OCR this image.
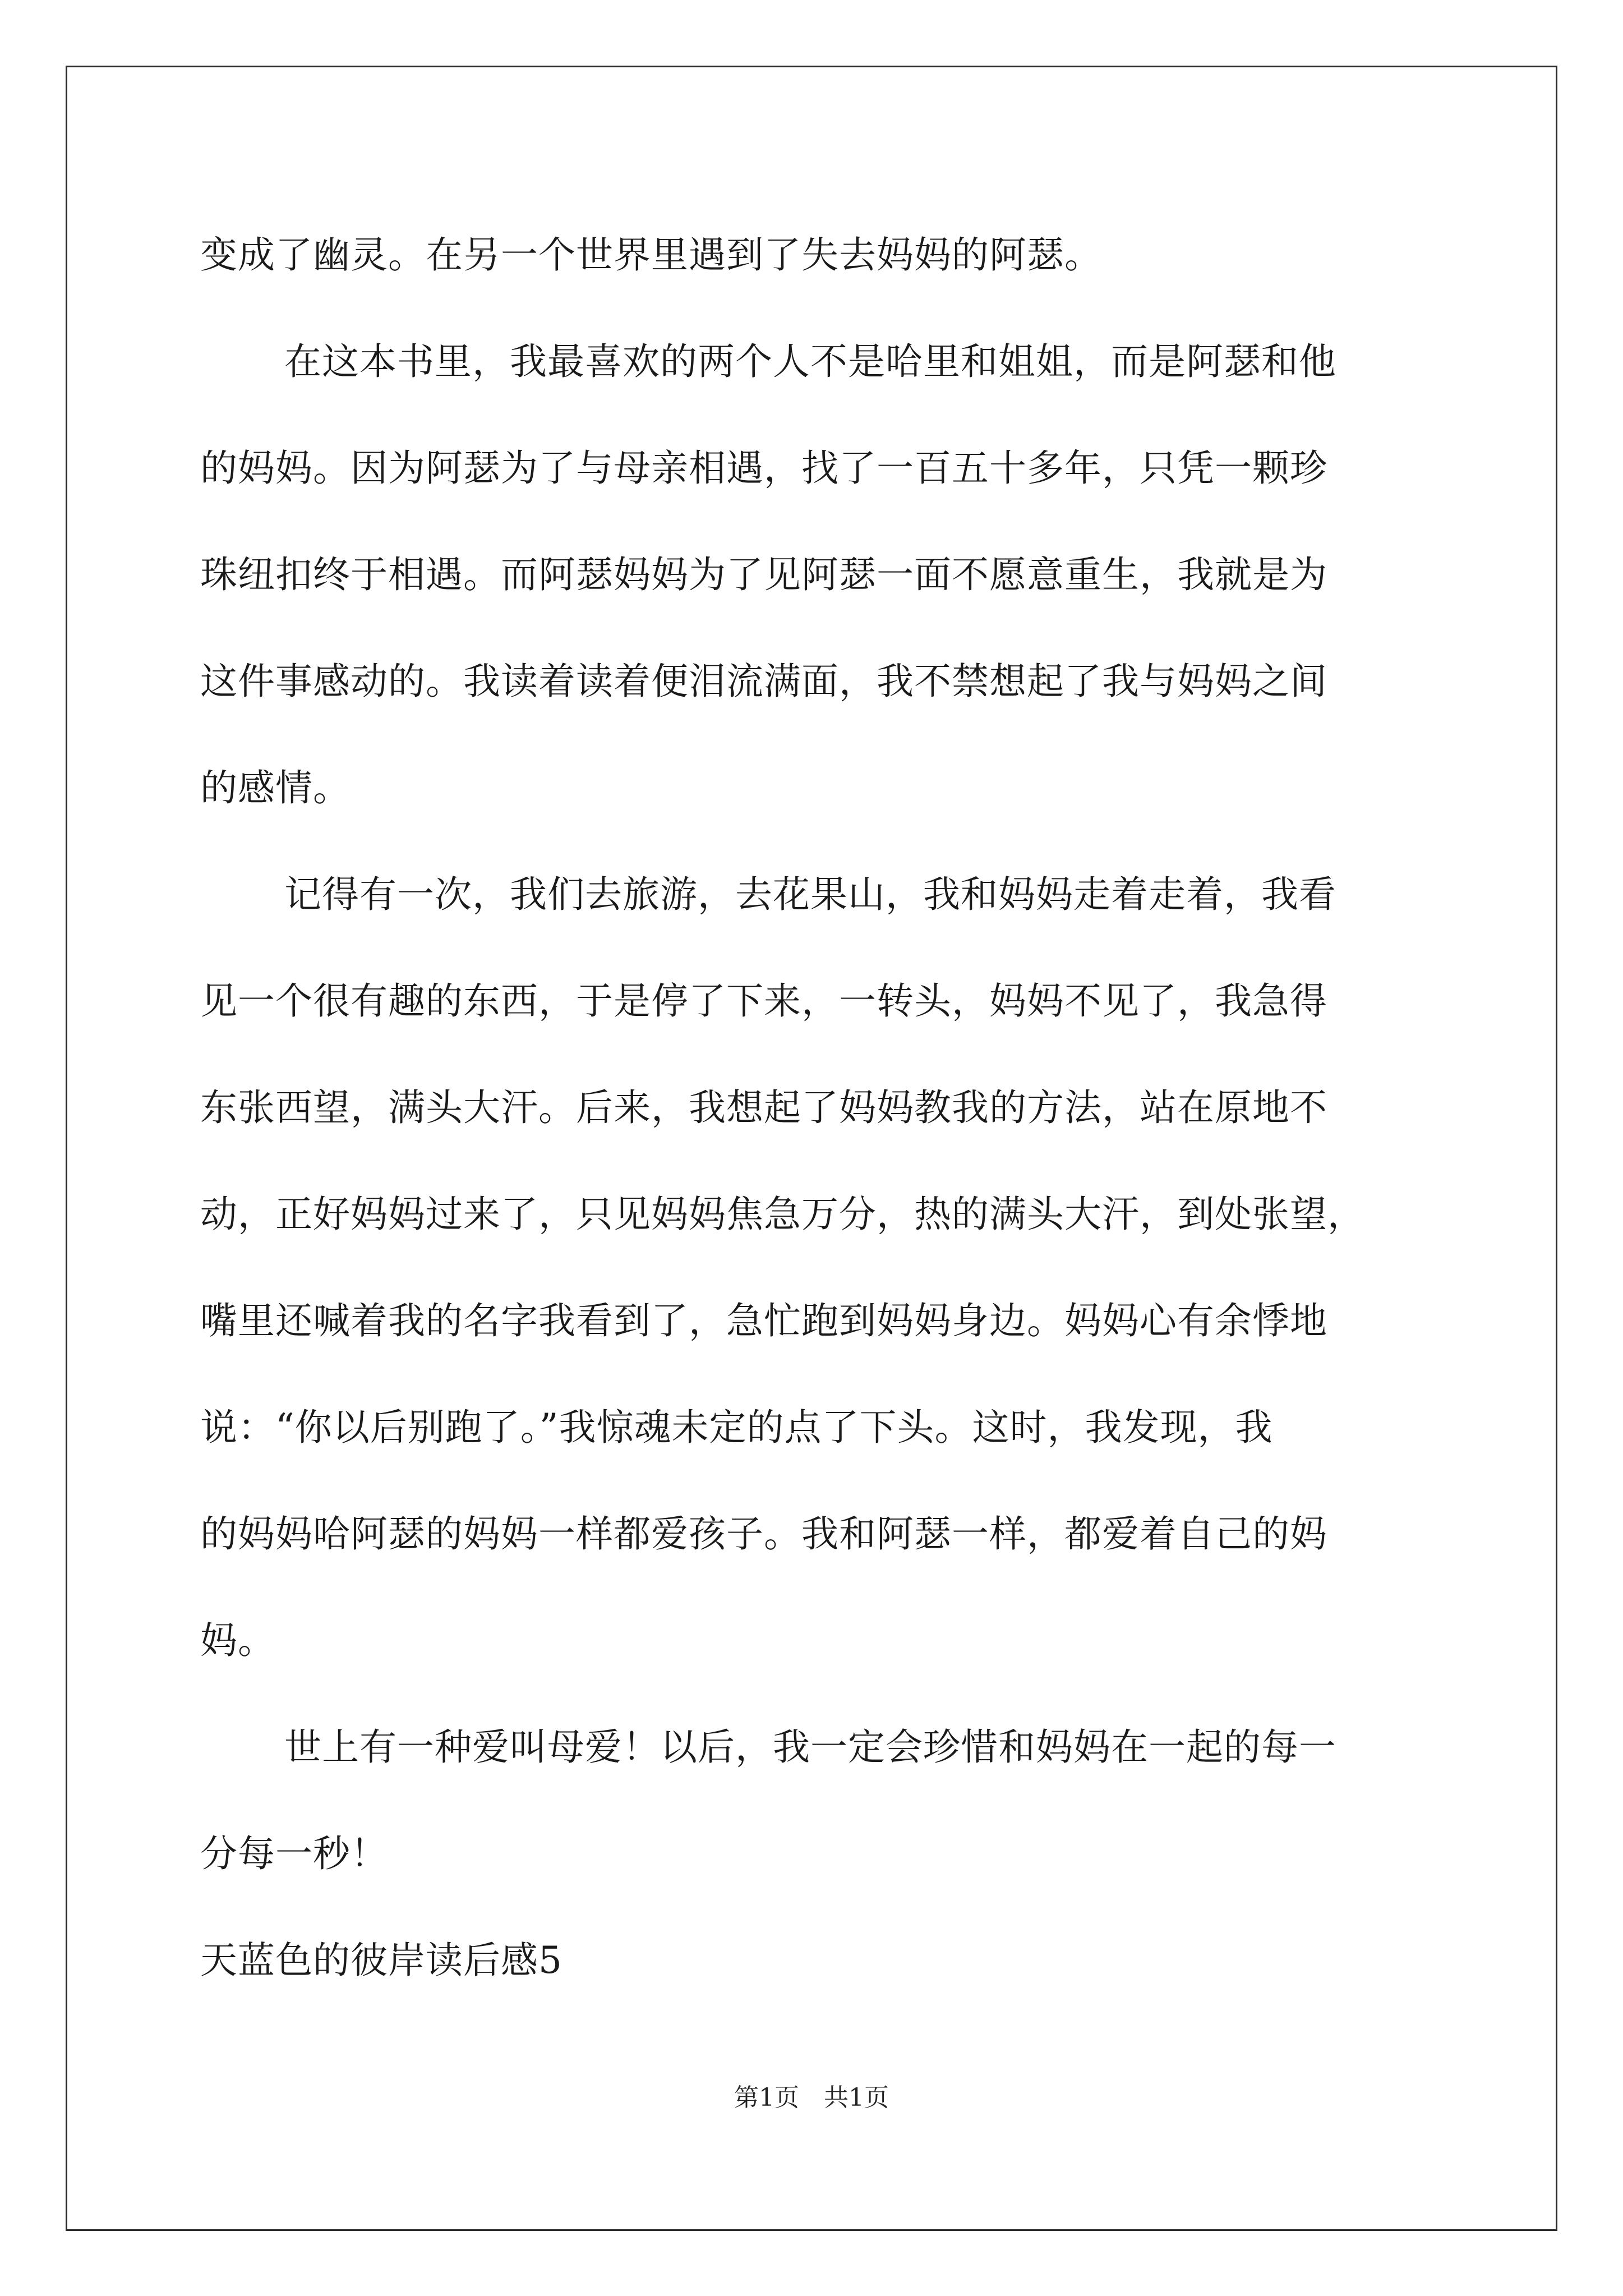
变成了幽灵。在另一个世界里遇到了失去妈妈的阿瑟。
在这本书里，我最喜欢的两个人不是哈里和姐姐，而是阿瑟和他
的妈妈。因为阿瑟为了与母亲相遇，找了一百五十多年，只凭一颗珍
珠纽扣终于相遇。而阿瑟妈妈为了见阿瑟一面不愿意重生，我就是为
这件事感动的。我读着读着便泪流满面，我不禁想起了我与妈妈之间
的感情。
记得有一次，我们去旅游，去花果山，我和妈妈走着走着，我看
见一个很有趣的东西，于是停了下来，一转头，妈妈不见了，我急得
东张西望，满头大汗。后来，我想起了妈妈教我的方法，站在原地不
动，正好妈妈过来了，只见妈妈焦急万分，热的满头大汗，到处张望，
嘴里还喊着我的名字我看到了，急忙跑到妈妈身边。妈妈心有余悸地
说：“你以后别跑了。”我惊魂未定的点了下头。这时，我发现，我
的妈妈哈阿瑟的妈妈一样都爱孩子。我和阿瑟一样，都爱着自己的妈
妈。
世上有一种爱叫母爱！以后，我一定会珍惜和妈妈在一起的每一
分每一秒！
天蓝色的彼岸读后感5
第1页　共1页
